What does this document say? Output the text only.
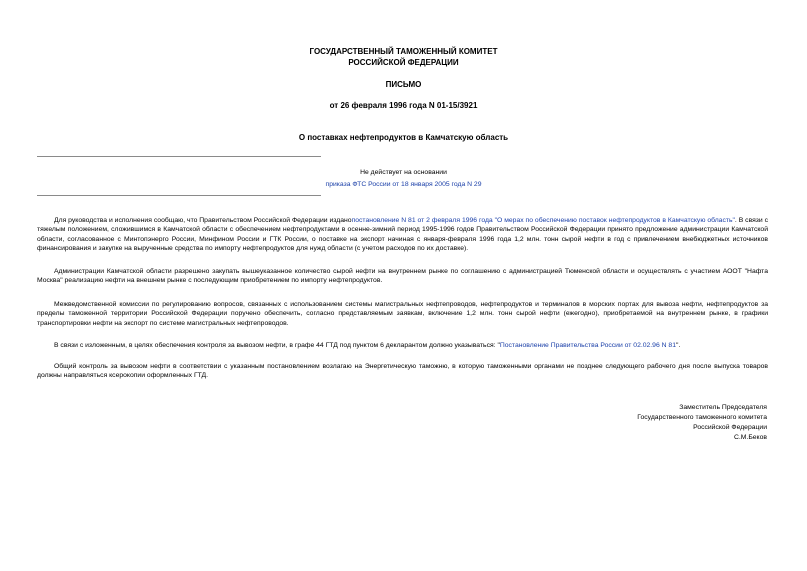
ГОСУДАРСТВЕННЫЙ ТАМОЖЕННЫЙ КОМИТЕТ
РОССИЙСКОЙ ФЕДЕРАЦИИ
ПИСЬМО
от 26 февраля 1996 года N 01-15/3921
О поставках нефтепродуктов в Камчатскую область
Не действует на основании
приказа ФТС России от 18 января 2005 года N 29

Для руководства и исполнения сообщаю, что Правительством Российской Федерации изданопостановление N 81 от 2 февраля 1996 года "О мерах по обеспечению поставок нефтепродуктов в Камчатскую область". В связи с тяжелым положением, сложившимся в Камчатской области с обеспечением нефтепродуктами в осенне-зимний период 1995-1996 годов Правительством Российской Федерации принято предложение администрации Камчатской области, согласованное с Минтопэнерго России, Минфином России и ГТК России, о поставке на экспорт начиная с января-февраля 1996 года 1,2 млн. тонн сырой нефти в год с привлечением внебюджетных источников финансирования и закупке на вырученные средства по импорту нефтепродуктов для нужд области (с учетом расходов по их доставке).

Администрации Камчатской области разрешено закупать вышеуказанное количество сырой нефти на внутреннем рынке по соглашению с администрацией Тюменской области и осуществлять с участием АООТ "Нафта Москва" реализацию нефти на внешнем рынке с последующим приобретением по импорту нефтепродуктов.

Межведомственной комиссии по регулированию вопросов, связанных с использованием системы магистральных нефтепроводов, нефтепродуктов и терминалов в морских портах для вывоза нефти, нефтепродуктов за пределы таможенной территории Российской Федерации поручено обеспечить, согласно представляемым заявкам, включение 1,2 млн. тонн сырой нефти (ежегодно), приобретаемой на внутреннем рынке, в графики транспортировки нефти на экспорт по системе магистральных нефтепроводов.

В связи с изложенным, в целях обеспечения контроля за вывозом нефти, в графе 44 ГТД под пунктом 6 декларантом должно указываться: "Постановление Правительства России от 02.02.96 N 81".

Общий контроль за вывозом нефти в соответствии с указанным постановлением возлагаю на Энергетическую таможню, в которую таможенными органами не позднее следующего рабочего дня после выпуска товаров должны направляться ксерокопии оформленных ГТД.

Заместитель Председателя
Государственного таможенного комитета
Российской Федерации
С.М.Беков
